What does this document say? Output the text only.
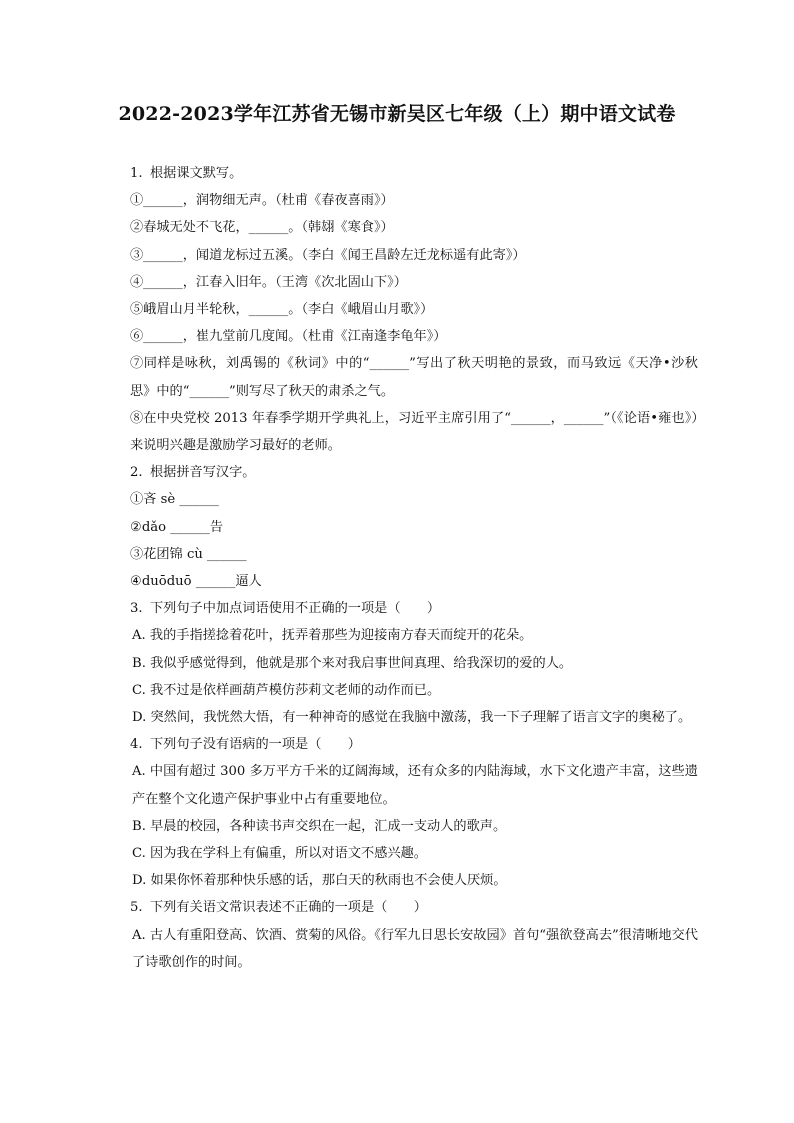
2022-2023学年江苏省无锡市新吴区七年级（上）期中语文试卷
1. 根据课文默写。
①______，润物细无声。（杜甫《春夜喜雨》）
②春城无处不飞花，______。（韩翃《寒食》）
③______，闻道龙标过五溪。（李白《闻王昌龄左迁龙标遥有此寄》）
④______，江春入旧年。（王湾《次北固山下》）
⑤峨眉山月半轮秋，______。（李白《峨眉山月歌》）
⑥______，崔九堂前几度闻。（杜甫《江南逢李龟年》）
⑦同样是咏秋，刘禹锡的《秋词》中的“______”写出了秋天明艳的景致，而马致远《天净•沙秋思》中的“______”则写尽了秋天的肃杀之气。
⑧在中央党校 2013 年春季学期开学典礼上，习近平主席引用了“______，______”（《论语•雍也》）来说明兴趣是激励学习最好的老师。
2. 根据拼音写汉字。
①吝 sè ______
②dǎo ______告
③花团锦 cù ______
④duōduō ______逼人
3. 下列句子中加点词语使用不正确的一项是（　　）
A. 我的手指搓捻着花叶，抚弄着那些为迎接南方春天而绽开的花朵。
B. 我似乎感觉得到，他就是那个来对我启事世间真理、给我深切的爱的人。
C. 我不过是依样画葫芦模仿莎莉文老师的动作而已。
D. 突然间，我恍然大悟，有一种神奇的感觉在我脑中激荡，我一下子理解了语言文字的奥秘了。
4. 下列句子没有语病的一项是（　　）
A. 中国有超过 300 多万平方千米的辽阔海域，还有众多的内陆海域，水下文化遗产丰富，这些遗产在整个文化遗产保护事业中占有重要地位。
B. 早晨的校园，各种读书声交织在一起，汇成一支动人的歌声。
C. 因为我在学科上有偏重，所以对语文不感兴趣。
D. 如果你怀着那种快乐感的话，那白天的秋雨也不会使人厌烦。
5. 下列有关语文常识表述不正确的一项是（　　）
A. 古人有重阳登高、饮酒、赏菊的风俗。《行军九日思长安故园》首句“强欲登高去”很清晰地交代了诗歌创作的时间。
